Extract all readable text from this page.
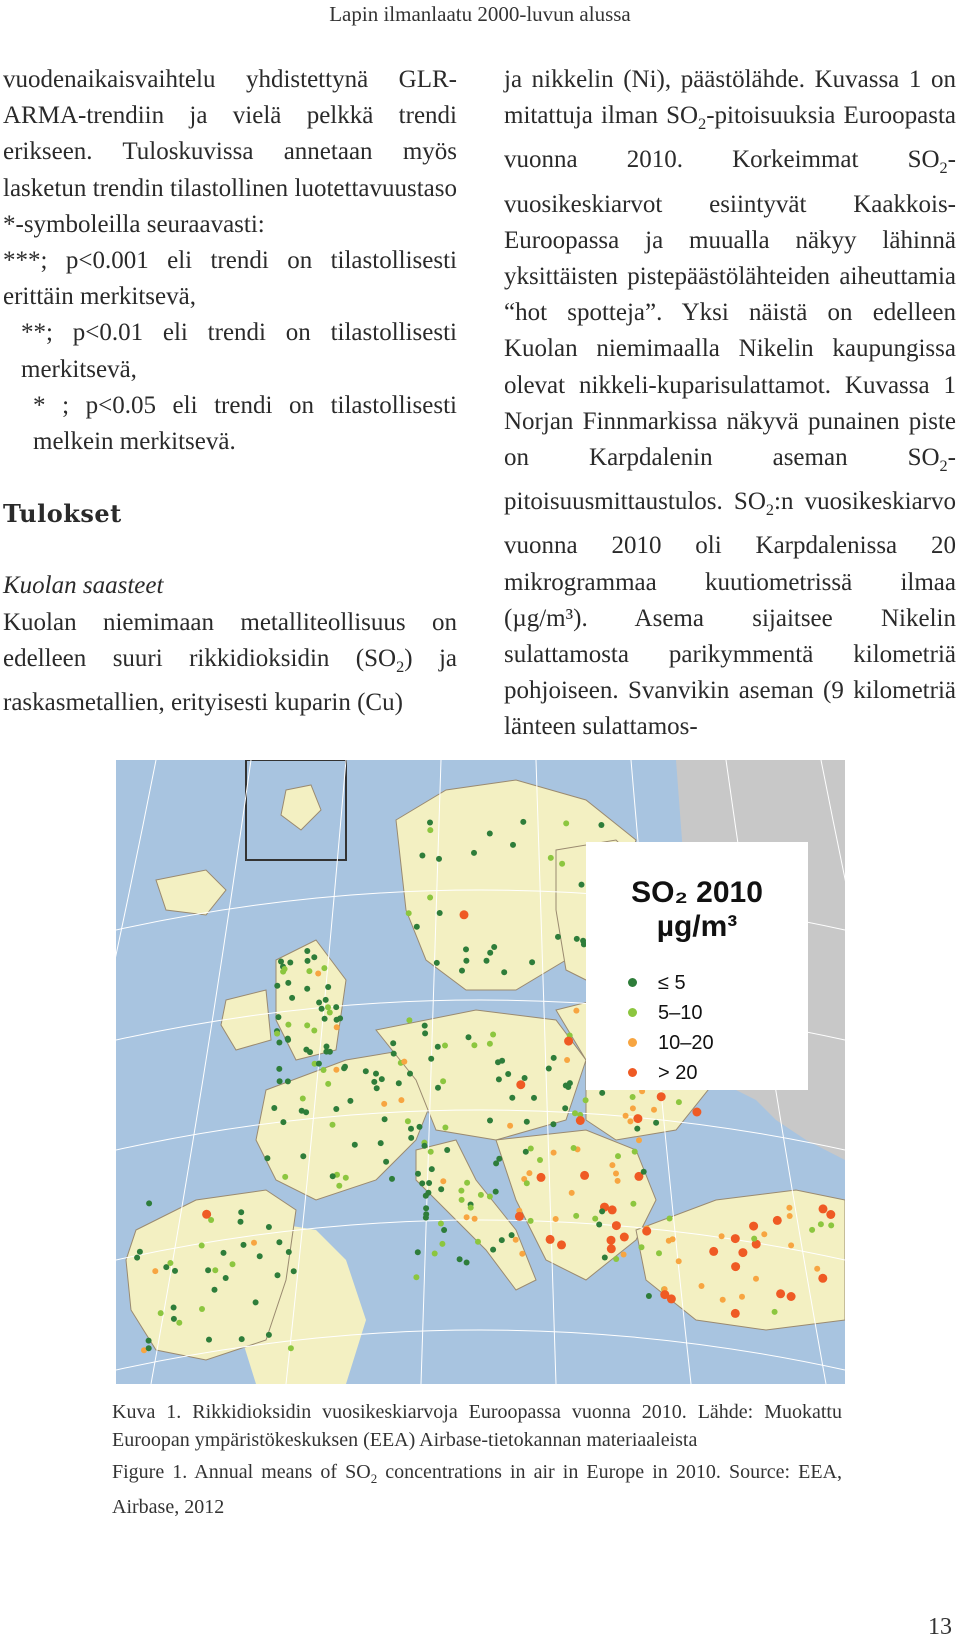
Lapin ilmanlaatu 2000-luvun alussa

vuodenaikaisvaihtelu yhdistettynä GLR-ARMA-trendiin ja vielä pelkkä trendi erikseen. Tuloskuvissa annetaan myös lasketun trendin tilastollinen luotettavuustaso *-symboleilla seuraavasti:

***; p<0.001 eli trendi on tilastollisesti erittäin merkitsevä,

**; p<0.01 eli trendi on tilastollisesti merkitsevä,

* ; p<0.05 eli trendi on tilastollisesti melkein merkitsevä.

Tulokset

Kuolan saasteet

Kuolan niemimaan metalliteollisuus on edelleen suuri rikkidioksidin $(SO_2)$ ja raskasmetallien, erityisesti kuparin (Cu)

ja nikkelin (Ni), päästölähde. Kuvassa 1 on mitattuja ilman $SO_2$-pitoisuuksia Euroopasta vuonna 2010. Korkeimmat $SO_2$-vuosikeskiarvot esiintyvät Kaakkois-Euroopassa ja muualla näkyy lähinnä yksittäisten pistepäästölähteiden aiheuttamia “hot spotteja”. Yksi näistä on edelleen Kuolan niemimaalla Nikelin kaupungissa olevat nikkeli-kuparisulattamot. Kuvassa 1 Norjan Finnmarkissa näkyvä punainen piste on Karpdalenin aseman $SO_2$-pitoisuusmittaustulos. $SO_2:n$ vuosikeskiarvo vuonna 2010 oli Karpdalenissa 20 mikrogrammaa kuutiometrissä ilmaa (µg/m³). Asema sijaitsee Nikelin sulattamosta parikymmentä kilometriä pohjoiseen. Svanvikin aseman (9 kilometriä länteen sulattamos-

SO₂ 2010
µg/m³
≤ 5
5–10
10–20
> 20

Kuva 1. Rikkidioksidin vuosikeskiarvoja Euroopassa vuonna 2010. Lähde: Muokattu Euroopan ympäristökeskuksen (EEA) Airbase-tietokannan materiaaleista

Figure 1. Annual means of $SO_2$ concentrations in air in Europe in 2010. Source: EEA, Airbase, 2012

13
